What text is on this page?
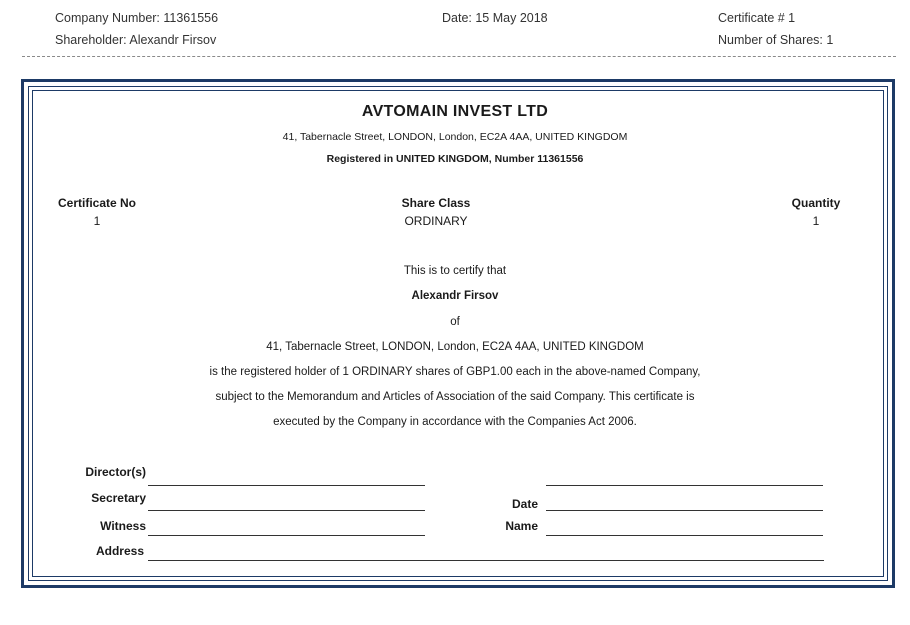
Company Number: 11361556
Shareholder: Alexandr Firsov
Date: 15 May 2018	Certificate # 1
Number of Shares: 1
AVTOMAIN INVEST LTD
41, Tabernacle Street, LONDON, London, EC2A 4AA, UNITED KINGDOM
Registered in UNITED KINGDOM, Number 11361556
Certificate No
1
Share Class
ORDINARY
Quantity
1
This is to certify that
Alexandr Firsov
of
41, Tabernacle Street, LONDON, London, EC2A 4AA, UNITED KINGDOM
is the registered holder of 1 ORDINARY shares of GBP1.00 each in the above-named Company,
subject to the Memorandum and Articles of Association of the said Company. This certificate is
executed by the Company in accordance with the Companies Act 2006.
Director(s)
Secretary
Witness
Address
Date
Name
